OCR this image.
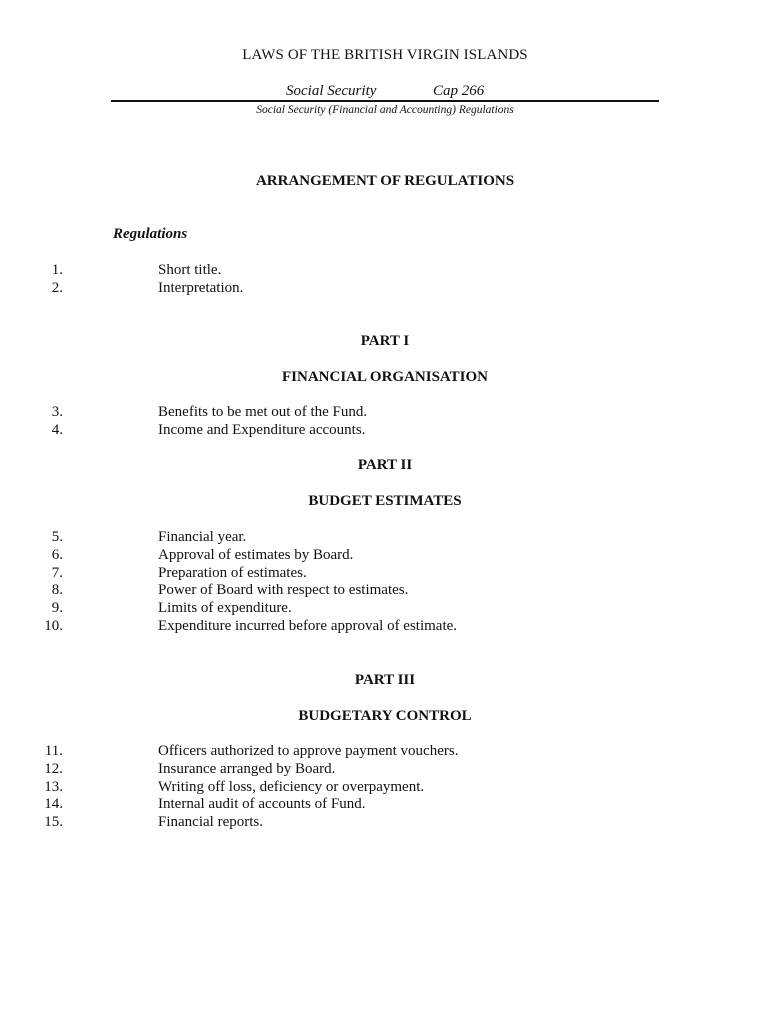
LAWS OF THE BRITISH VIRGIN ISLANDS
Social Security	Cap 266
Social Security (Financial and Accounting) Regulations
ARRANGEMENT OF REGULATIONS
Regulations
1.	Short title.
2.	Interpretation.
PART I
FINANCIAL ORGANISATION
3.	Benefits to be met out of the Fund.
4.	Income and Expenditure accounts.
PART II
BUDGET ESTIMATES
5.	Financial year.
6.	Approval of estimates by Board.
7.	Preparation of estimates.
8.	Power of Board with respect to estimates.
9.	Limits of expenditure.
10.	Expenditure incurred before approval of estimate.
PART III
BUDGETARY CONTROL
11.	Officers authorized to approve payment vouchers.
12.	Insurance arranged by Board.
13.	Writing off loss, deficiency or overpayment.
14.	Internal audit of accounts of Fund.
15.	Financial reports.
